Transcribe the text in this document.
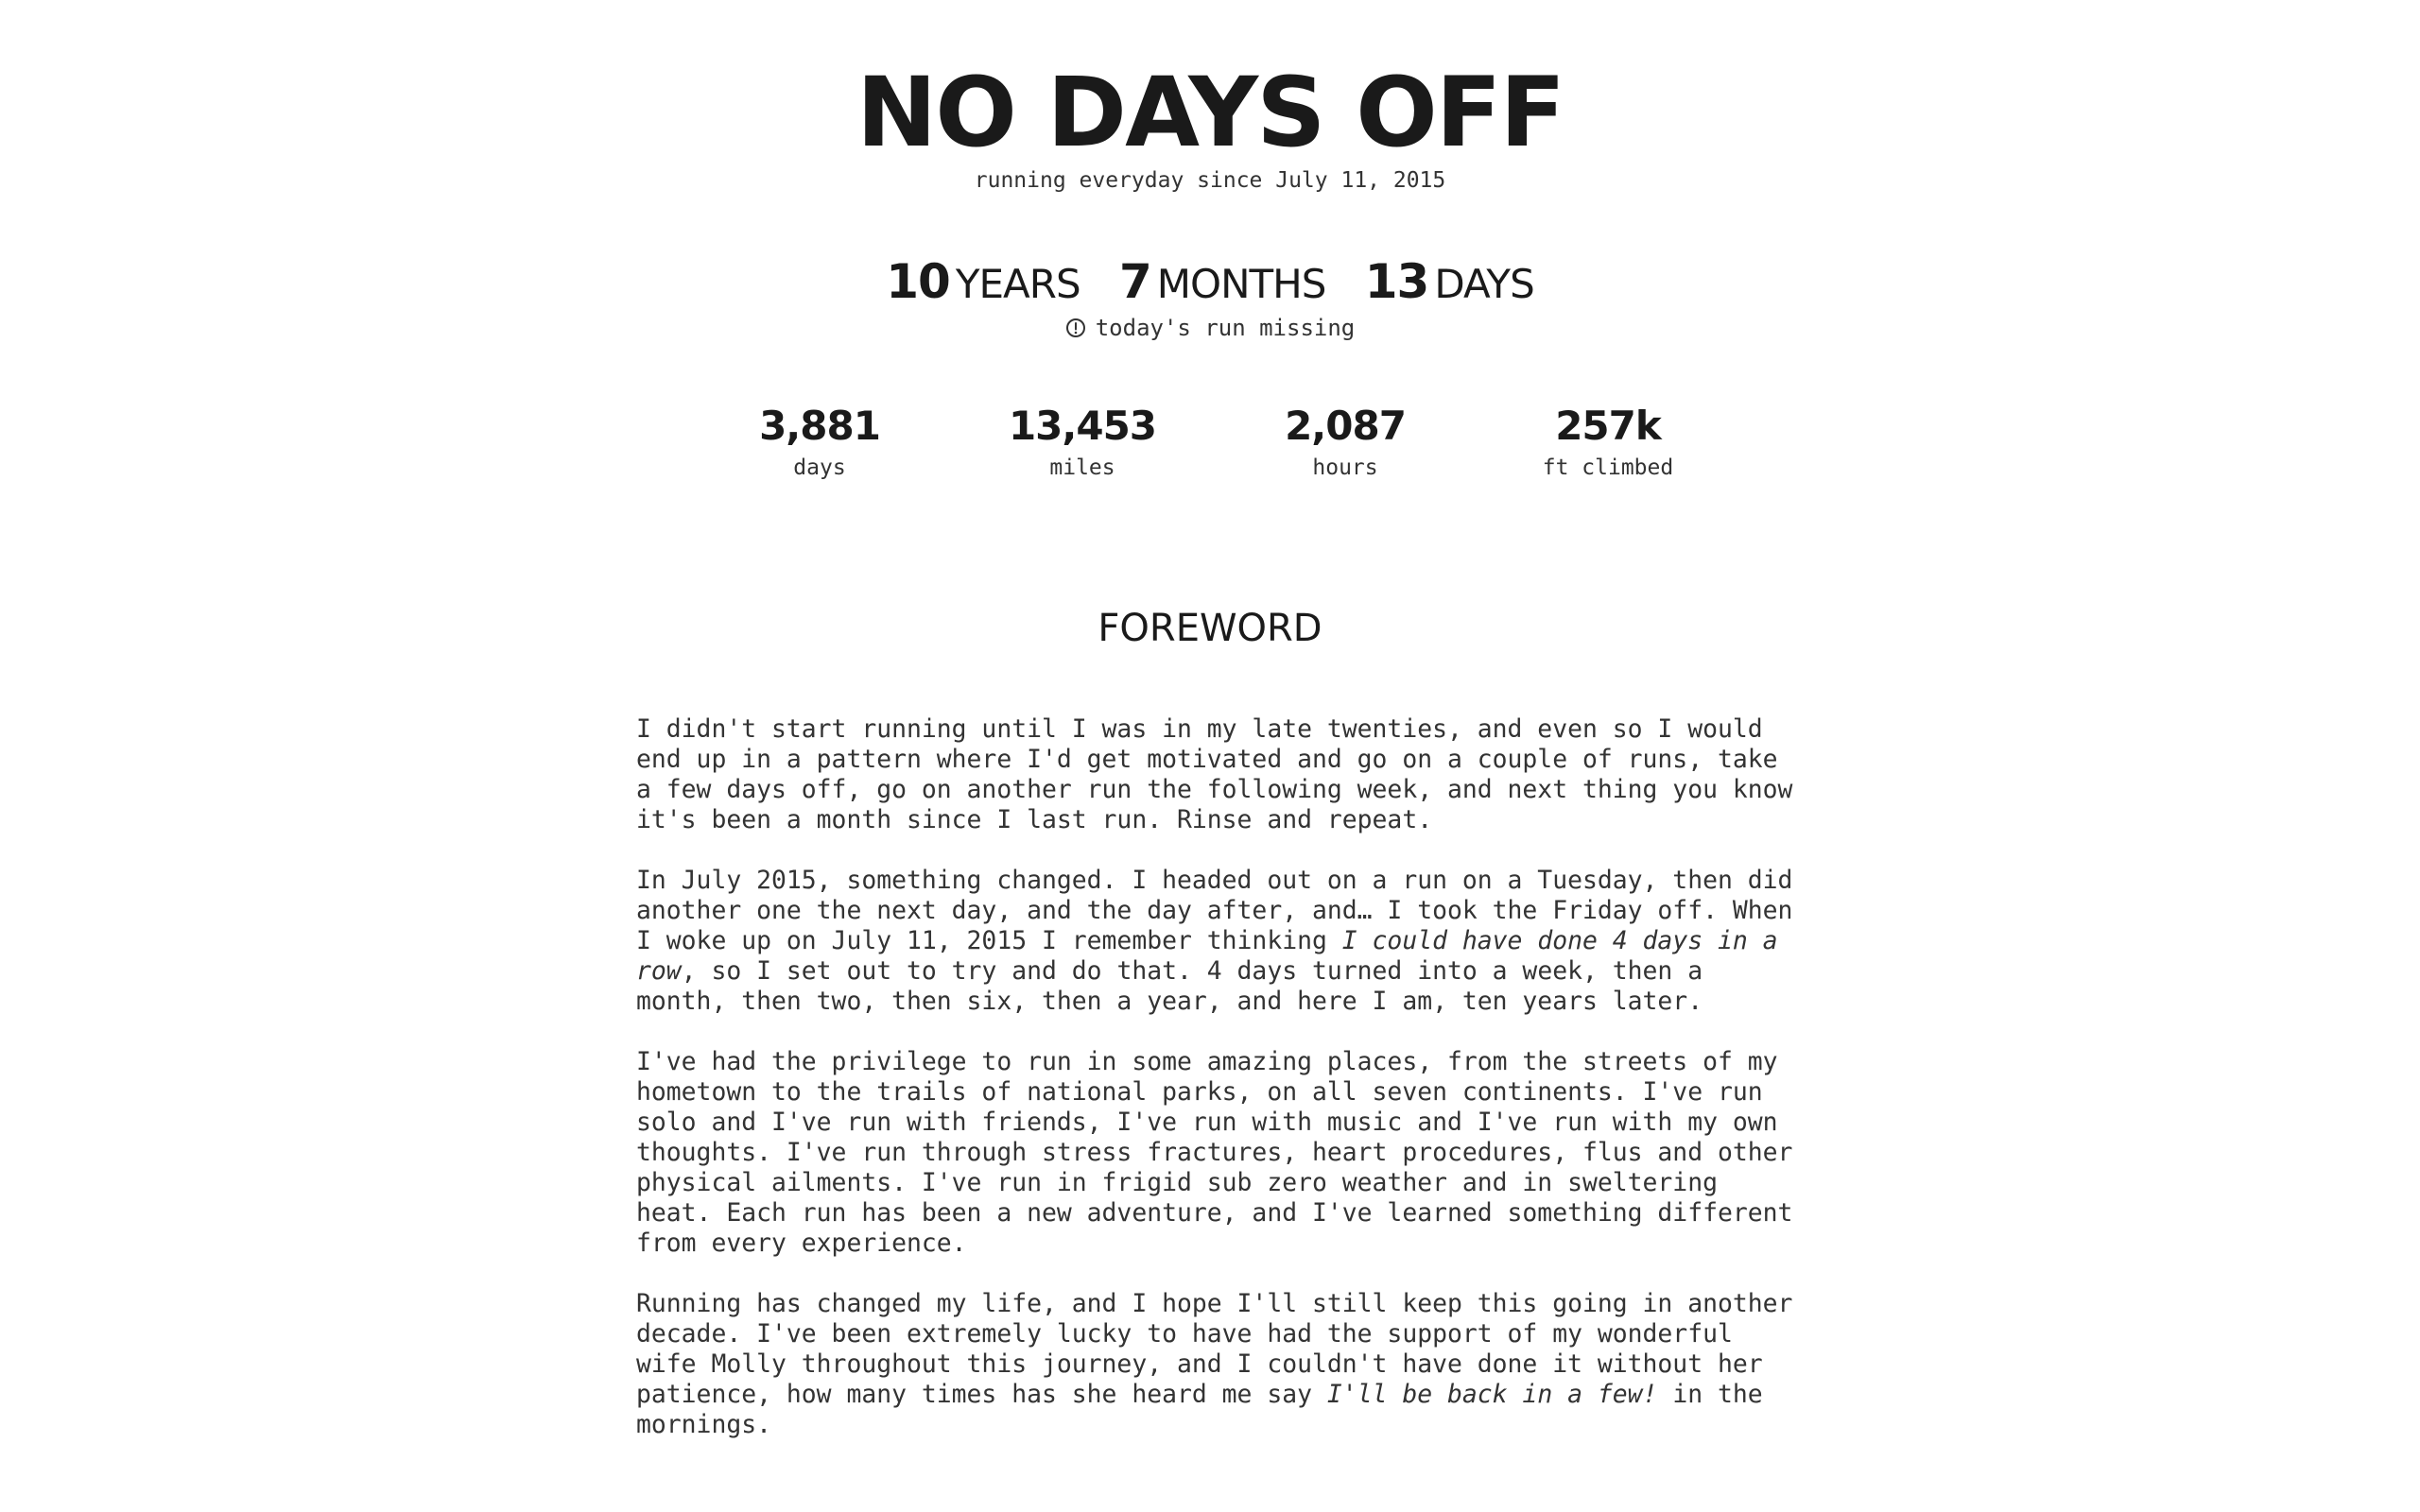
NO DAYS OFF
running everyday since July 11, 2015
10 YEARS 7 MONTHS 13 DAYS
today's run missing
3,881
days
13,453
miles
2,087
hours
257k
ft climbed
FOREWORD

I didn't start running until I was in my late twenties, and even so I would end up in a pattern where I'd get motivated and go on a couple of runs, take a few days off, go on another run the following week, and next thing you know it's been a month since I last run. Rinse and repeat.

In July 2015, something changed. I headed out on a run on a Tuesday, then did another one the next day, and the day after, and… I took the Friday off. When I woke up on July 11, 2015 I remember thinking I could have done 4 days in a row, so I set out to try and do that. 4 days turned into a week, then a month, then two, then six, then a year, and here I am, ten years later.

I've had the privilege to run in some amazing places, from the streets of my hometown to the trails of national parks, on all seven continents. I've run solo and I've run with friends, I've run with music and I've run with my own thoughts. I've run through stress fractures, heart procedures, flus and other physical ailments. I've run in frigid sub zero weather and in sweltering heat. Each run has been a new adventure, and I've learned something different from every experience.

Running has changed my life, and I hope I'll still keep this going in another decade. I've been extremely lucky to have had the support of my wonderful wife Molly throughout this journey, and I couldn't have done it without her patience, how many times has she heard me say I'll be back in a few! in the mornings.
